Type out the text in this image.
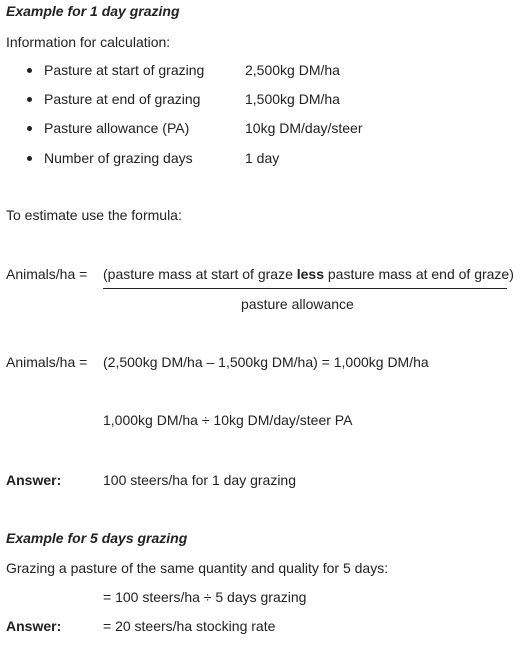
Example for 1 day grazing
Information for calculation:
Pasture at start of grazing	2,500kg DM/ha
Pasture at end of grazing	1,500kg DM/ha
Pasture allowance (PA)	10kg DM/day/steer
Number of grazing days	1 day
To estimate use the formula:
Animals/ha = (pasture mass at start of graze less pasture mass at end of graze)
pasture allowance
Animals/ha = (2,500kg DM/ha – 1,500kg DM/ha) = 1,000kg DM/ha
1,000kg DM/ha ÷ 10kg DM/day/steer PA
Answer:	100 steers/ha for 1 day grazing
Example for 5 days grazing
Grazing a pasture of the same quantity and quality for 5 days:
= 100 steers/ha ÷ 5 days grazing
Answer:	= 20 steers/ha stocking rate
